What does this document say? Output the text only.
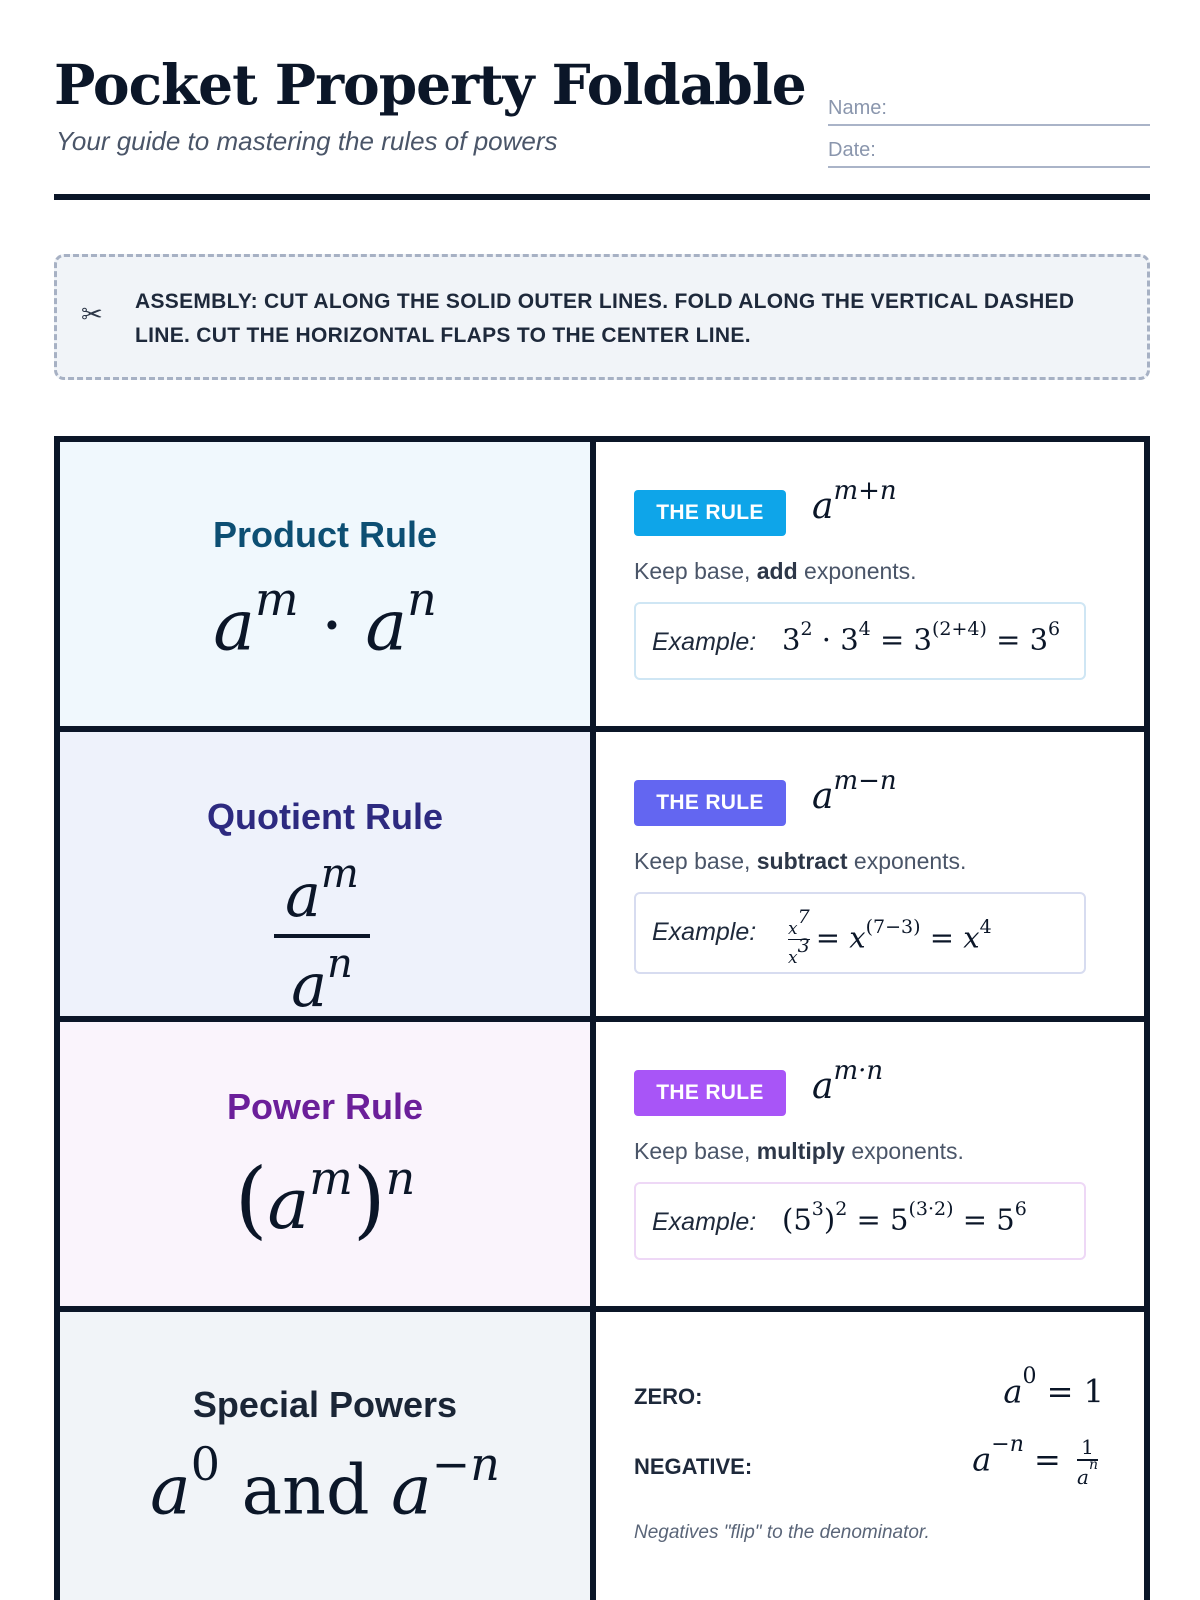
Pocket Property Foldable
Your guide to mastering the rules of powers
Name:
Date:
✂ ASSEMBLY: CUT ALONG THE SOLID OUTER LINES. FOLD ALONG THE VERTICAL DASHED LINE. CUT THE HORIZONTAL FLAPS TO THE CENTER LINE.
Product Rule
$a^m \cdot a^n$
THE RULE	$a^{m+n}$
Keep base, add exponents.
Example: $3^2 \cdot 3^4 = 3^{(2+4)} = 3^6$
Quotient Rule
$a^m$
$a^n$
THE RULE	$a^{m-n}$
Keep base, subtract exponents.
Example:	$\frac{x^7}{x^3} = x^{(7-3)} = x^4$
Power Rule
$(a^m)^n$
THE RULE	$a^{m\cdot n}$
Keep base, multiply exponents.
Example: $(5^3)^2 = 5^{(3\cdot 2)} = 5^6$
Special Powers
$a^0$ and $a^{-n}$
ZERO:	$a^0 = 1$
NEGATIVE:	$a^{-n} = \frac{1}{a^n}$
Negatives "flip" to the denominator.
